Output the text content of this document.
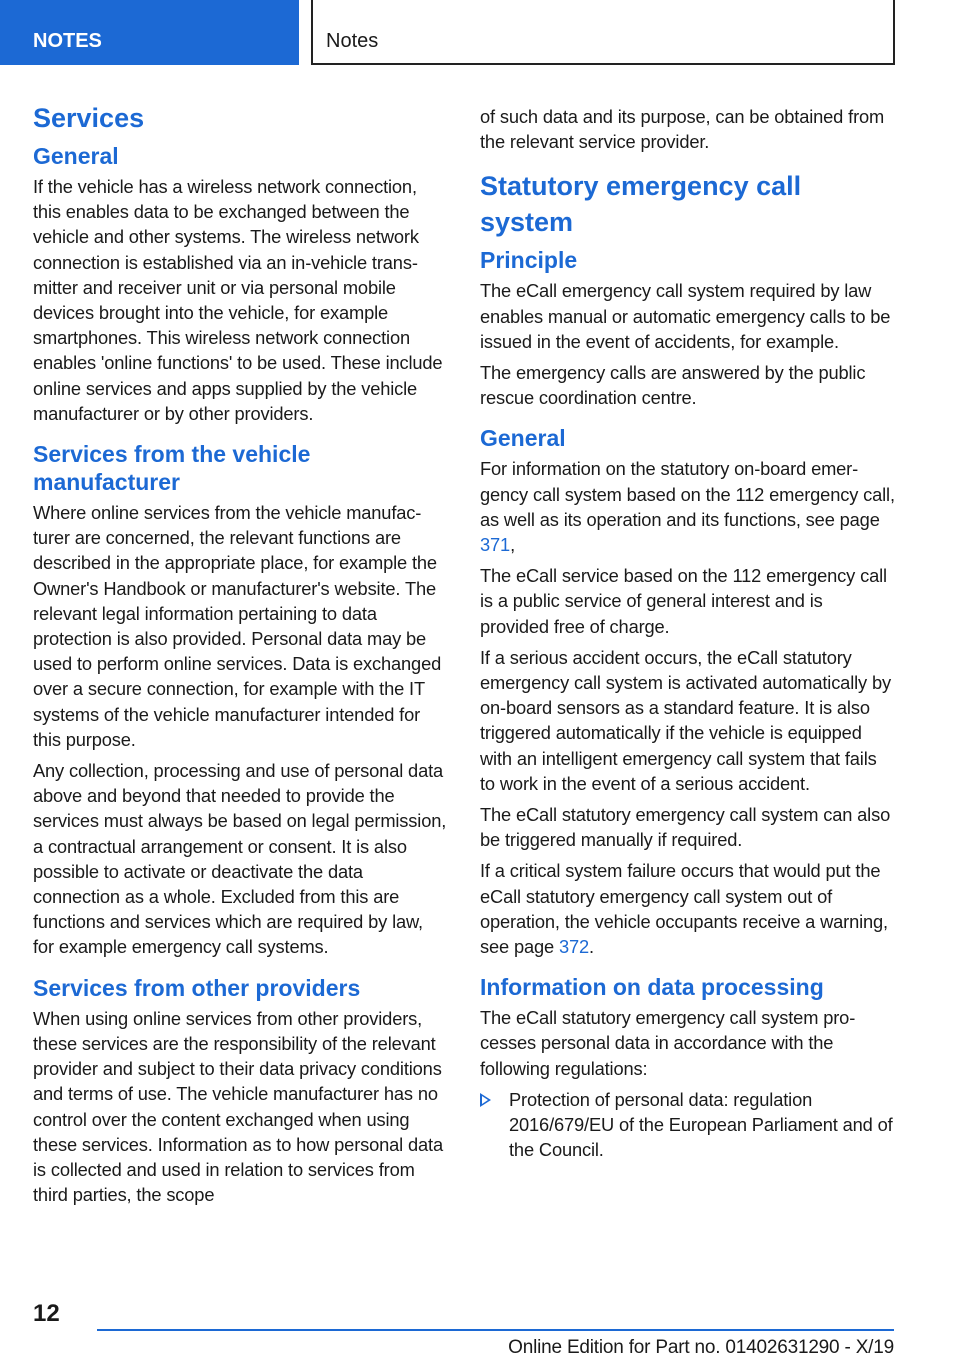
NOTES	Notes
Services
General

If the vehicle has a wireless network connection, this enables data to be exchanged between the vehicle and other systems. The wireless network connection is established via an in-vehicle transmitter and receiver unit or via personal mobile devices brought into the vehicle, for example smartphones. This wireless network connection enables 'online functions' to be used. These include online services and apps supplied by the vehicle manufacturer or by other providers.

Services from the vehicle manufacturer

Where online services from the vehicle manufacturer are concerned, the relevant functions are described in the appropriate place, for example the Owner's Handbook or manufacturer's website. The relevant legal information pertaining to data protection is also provided. Personal data may be used to perform online services. Data is exchanged over a secure connection, for example with the IT systems of the vehicle manufacturer intended for this purpose.

Any collection, processing and use of personal data above and beyond that needed to provide the services must always be based on legal permission, a contractual arrangement or consent. It is also possible to activate or deactivate the data connection as a whole. Excluded from this are functions and services which are required by law, for example emergency call systems.

Services from other providers

When using online services from other providers, these services are the responsibility of the relevant provider and subject to their data privacy conditions and terms of use. The vehicle manufacturer has no control over the content exchanged when using these services. Information as to how personal data is collected and used in relation to services from third parties, the scope

of such data and its purpose, can be obtained from the relevant service provider.

Statutory emergency call system
Principle

The eCall emergency call system required by law enables manual or automatic emergency calls to be issued in the event of accidents, for example.

The emergency calls are answered by the public rescue coordination centre.

General

For information on the statutory on-board emergency call system based on the 112 emergency call, as well as its operation and its functions, see page 371,

The eCall service based on the 112 emergency call is a public service of general interest and is provided free of charge.

If a serious accident occurs, the eCall statutory emergency call system is activated automatically by on-board sensors as a standard feature. It is also triggered automatically if the vehicle is equipped with an intelligent emergency call system that fails to work in the event of a serious accident.

The eCall statutory emergency call system can also be triggered manually if required.

If a critical system failure occurs that would put the eCall statutory emergency call system out of operation, the vehicle occupants receive a warning, see page 372.

Information on data processing

The eCall statutory emergency call system processes personal data in accordance with the following regulations:

Protection of personal data: regulation 2016/679/EU of the European Parliament and of the Council.
12
Online Edition for Part no. 01402631290 - X/19
